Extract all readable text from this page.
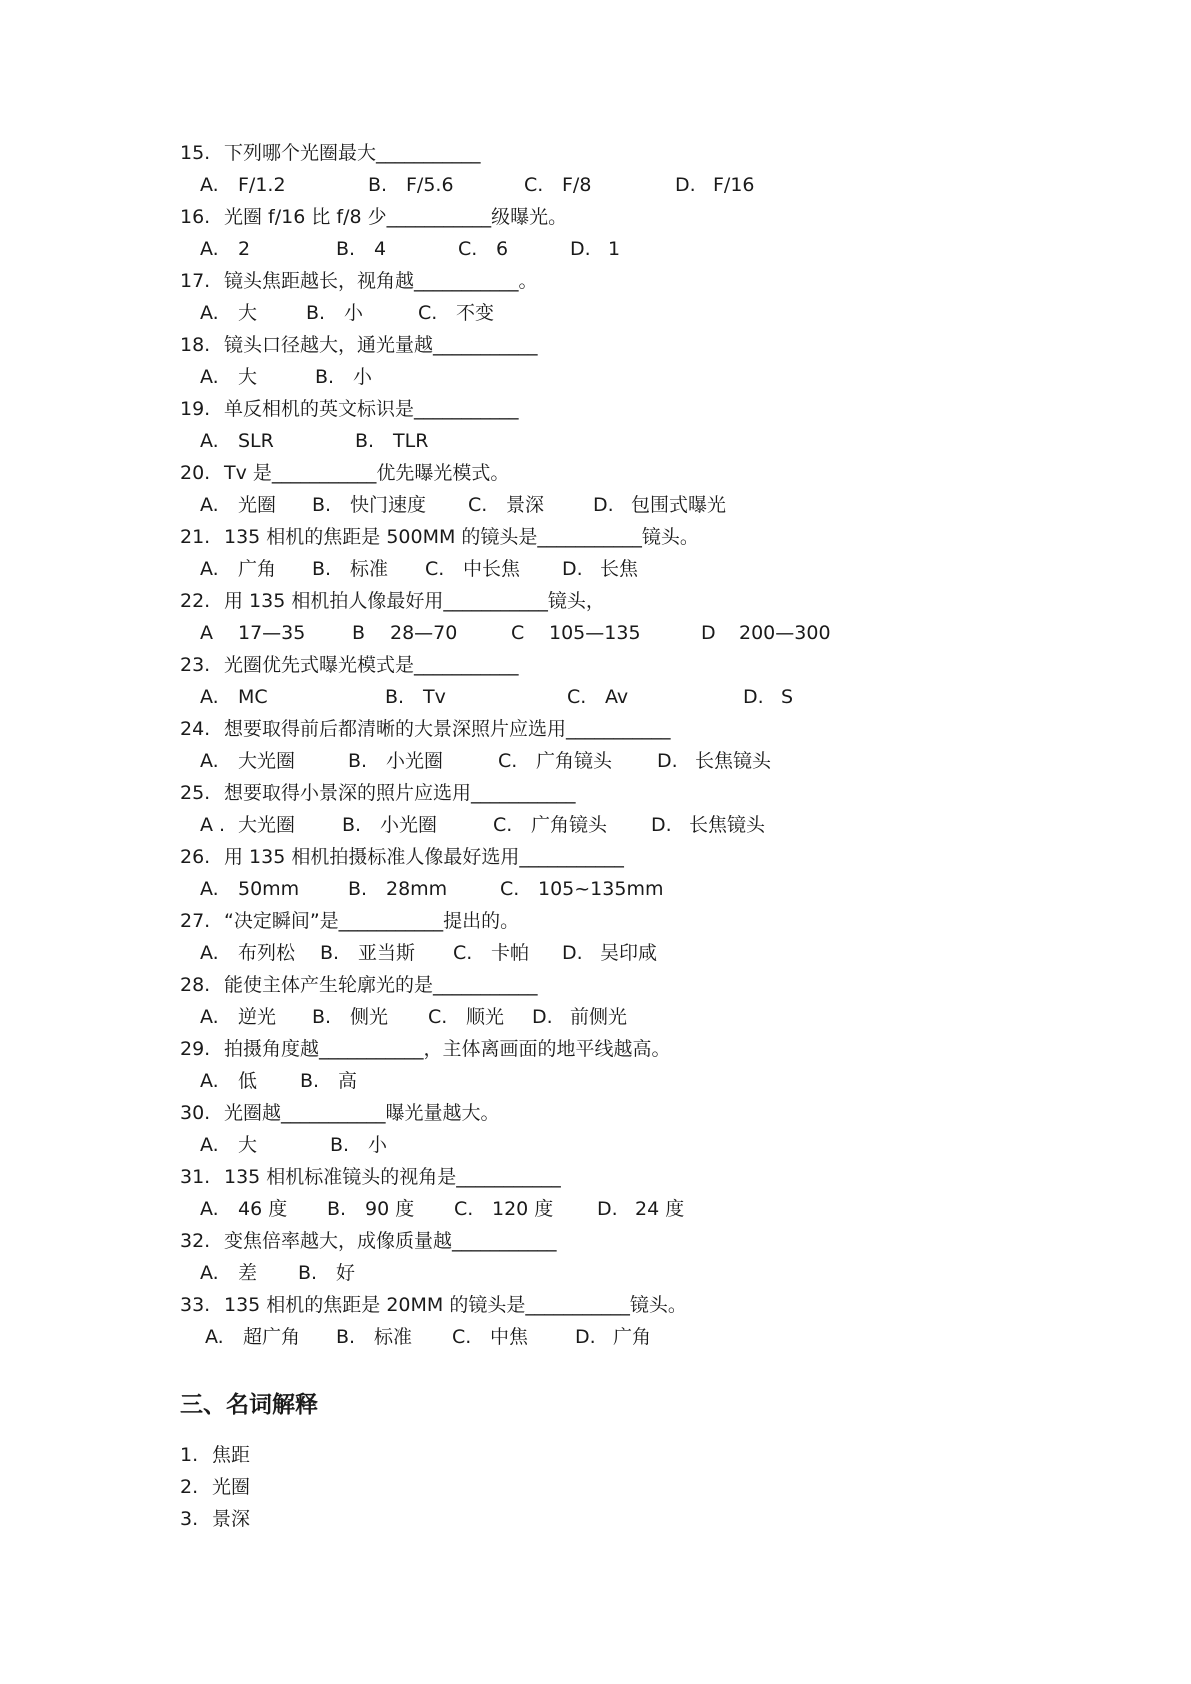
15. 下列哪个光圈最大___________
A. F/1.2	B. F/5.6	C. F/8	D. F/16
16. 光圈 f/16 比 f/8 少___________级曝光。
A. 2	B. 4	C. 6	D. 1
17. 镜头焦距越长，视角越___________。
A. 大	B. 小	C. 不变
18. 镜头口径越大，通光量越___________
A. 大	B. 小
19. 单反相机的英文标识是___________
A. SLR	B. TLR
20. Tv 是___________优先曝光模式。
A. 光圈 B. 快门速度 C. 景深	D. 包围式曝光
21. 135 相机的焦距是 500MM 的镜头是___________镜头。
A. 广角 B. 标准 C. 中长焦 D. 长焦
22. 用 135 相机拍人像最好用___________镜头，
A 17—35 B 28—70	C 105—135	D 200—300
23. 光圈优先式曝光模式是___________
A. MC	B. Tv	C. Av	D. S
24. 想要取得前后都清晰的大景深照片应选用___________
A. 大光圈	B. 小光圈	C. 广角镜头 D. 长焦镜头
25. 想要取得小景深的照片应选用___________
A . 大光圈 B. 小光圈	C. 广角镜头 D. 长焦镜头
26. 用 135 相机拍摄标准人像最好选用___________
A. 50mm	B. 28mm	C. 105~135mm
27. “决定瞬间”是___________提出的。
A. 布列松 B. 亚当斯 C. 卡帕 D. 吴印咸
28. 能使主体产生轮廓光的是___________
A. 逆光 B. 侧光 C. 顺光 D. 前侧光
29. 拍摄角度越___________，主体离画面的地平线越高。
A. 低 B. 高
30. 光圈越___________曝光量越大。
A. 大	B. 小
31. 135 相机标准镜头的视角是___________
A. 46 度 B. 90 度 C. 120 度 D. 24 度
32. 变焦倍率越大，成像质量越___________
A. 差 B. 好
33. 135 相机的焦距是 20MM 的镜头是___________镜头。
A. 超广角 B. 标准 C. 中焦 D. 广角
三、名词解释
1. 焦距
2. 光圈
3. 景深
